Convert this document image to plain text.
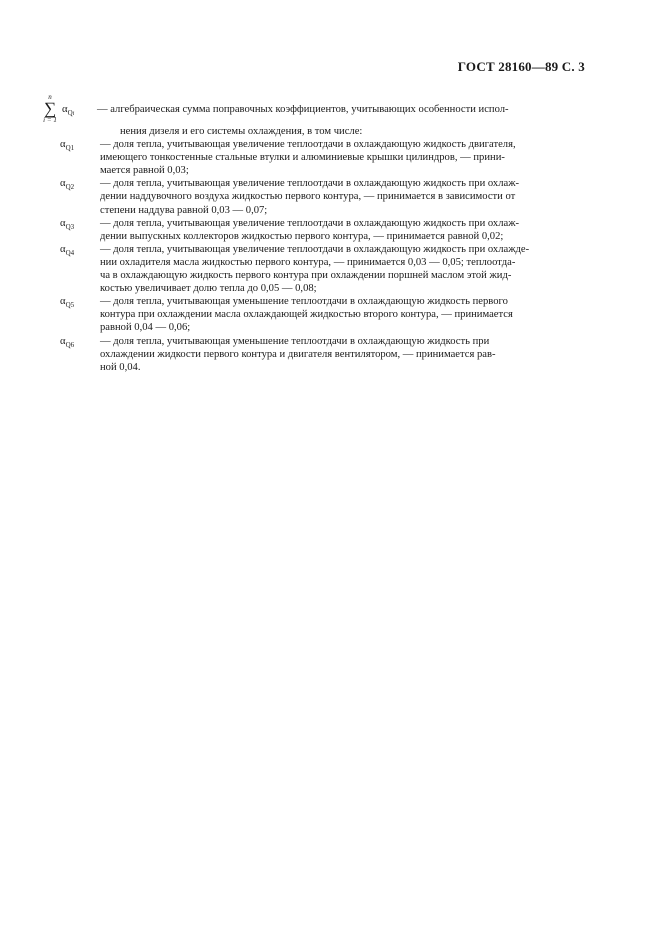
ГОСТ 28160—89 С. 3
n
∑
i = 1
$\alpha_{Qi}$ — алгебраическая сумма поправочных коэффициентов, учитывающих особенности испол-
нения дизеля и его системы охлаждения, в том числе:
$\alpha_{Q1}$ — доля тепла, учитывающая увеличение теплоотдачи в охлаждающую жидкость двигателя,
имеющего тонкостенные стальные втулки и алюминиевые крышки цилиндров, — прини-
мается равной 0,03;
$\alpha_{Q2}$ — доля тепла, учитывающая увеличение теплоотдачи в охлаждающую жидкость при охлаж-
дении наддувочного воздуха жидкостью первого контура, — принимается в зависимости от
степени наддува равной 0,03 — 0,07;
$\alpha_{Q3}$ — доля тепла, учитывающая увеличение теплоотдачи в охлаждающую жидкость при охлаж-
дении выпускных коллекторов жидкостью первого контура, — принимается равной 0,02;
$\alpha_{Q4}$ — доля тепла, учитывающая увеличение теплоотдачи в охлаждающую жидкость при охлажде-
нии охладителя масла жидкостью первого контура, — принимается 0,03 — 0,05; теплоотда-
ча в охлаждающую жидкость первого контура при охлаждении поршней маслом этой жид-
костью увеличивает долю тепла до 0,05 — 0,08;
$\alpha_{Q5}$ — доля тепла, учитывающая уменьшение теплоотдачи в охлаждающую жидкость первого
контура при охлаждении масла охлаждающей жидкостью второго контура, — принимается
равной 0,04 — 0,06;
$\alpha_{Q6}$ — доля тепла, учитывающая уменьшение теплоотдачи в охлаждающую жидкость при
охлаждении жидкости первого контура и двигателя вентилятором, — принимается рав-
ной 0,04.
